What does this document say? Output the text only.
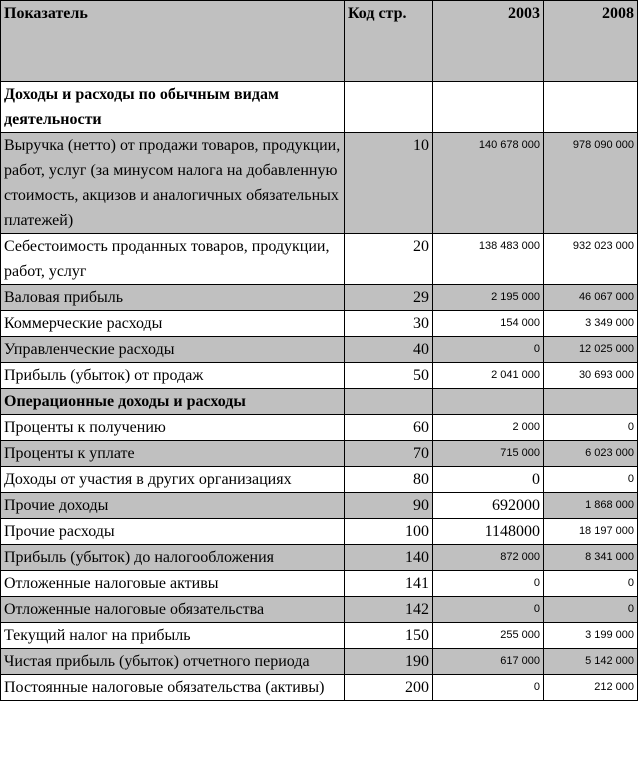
Показатель	Код стр.	2003	2008
Доходы и расходы по обычным видам деятельности			
Выручка (нетто) от продажи товаров, продукции, работ, услуг (за минусом налога на добавленную стоимость, акцизов и аналогичных обязательных платежей)	10	140 678 000	978 090 000
Себестоимость проданных товаров, продукции, работ, услуг	20	138 483 000	932 023 000
Валовая прибыль	29	2 195 000	46 067 000
Коммерческие расходы	30	154 000	3 349 000
Управленческие расходы	40	0	12 025 000
Прибыль (убыток) от продаж	50	2 041 000	30 693 000
Операционные доходы и расходы			
Проценты к получению	60	2 000	0
Проценты к уплате	70	715 000	6 023 000
Доходы от участия в других организациях	80	0	0
Прочие доходы	90	692000	1 868 000
Прочие расходы	100	1148000	18 197 000
Прибыль (убыток) до налогообложения	140	872 000	8 341 000
Отложенные налоговые активы	141	0	0
Отложенные налоговые обязательства	142	0	0
Текущий налог на прибыль	150	255 000	3 199 000
Чистая прибыль (убыток) отчетного периода	190	617 000	5 142 000
Постоянные налоговые обязательства (активы)	200	0	212 000
